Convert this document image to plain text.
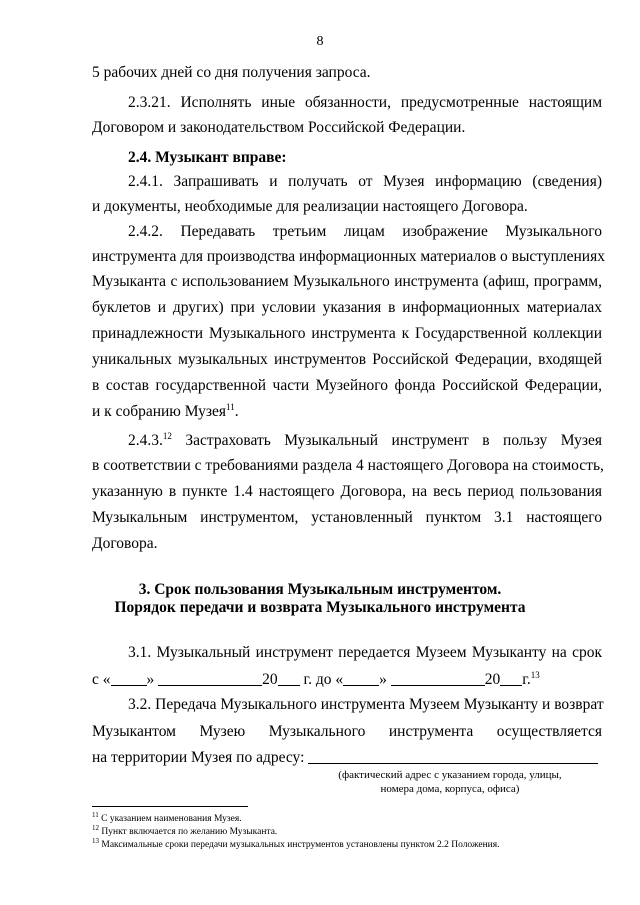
8
5 рабочих дней со дня получения запроса.
2.3.21. Исполнять иные обязанности, предусмотренные настоящим
Договором и законодательством Российской Федерации.
2.4. Музыкант вправе:
2.4.1. Запрашивать и получать от Музея информацию (сведения)
и документы, необходимые для реализации настоящего Договора.
2.4.2. Передавать третьим лицам изображение Музыкального
инструмента для производства информационных материалов о выступлениях
Музыканта с использованием Музыкального инструмента (афиш, программ,
буклетов и других) при условии указания в информационных материалах
принадлежности Музыкального инструмента к Государственной коллекции
уникальных музыкальных инструментов Российской Федерации, входящей
в состав государственной части Музейного фонда Российской Федерации,
и к собранию Музея$^{11}$.
2.4.3.12 Застраховать Музыкальный инструмент в пользу Музея
в соответствии с требованиями раздела 4 настоящего Договора на стоимость,
указанную в пункте 1.4 настоящего Договора, на весь период пользования
Музыкальным инструментом, установленный пунктом 3.1 настоящего
Договора.
3. Срок пользования Музыкальным инструментом.
Порядок передачи и возврата Музыкального инструмента
3.1. Музыкальный инструмент передается Музеем Музыканту на срок
с « »	20 г. до « »	20 г.$^{13}$
3.2. Передача Музыкального инструмента Музеем Музыканту и возврат
Музыкантом Музею Музыкального инструмента осуществляется
на территории Музея по адресу:
(фактический адрес с указанием города, улицы,
номера дома, корпуса, офиса)
$^{11}$ С указанием наименования Музея.
$^{12}$ Пункт включается по желанию Музыканта.
$^{13}$ Максимальные сроки передачи музыкальных инструментов установлены пунктом 2.2 Положения.
